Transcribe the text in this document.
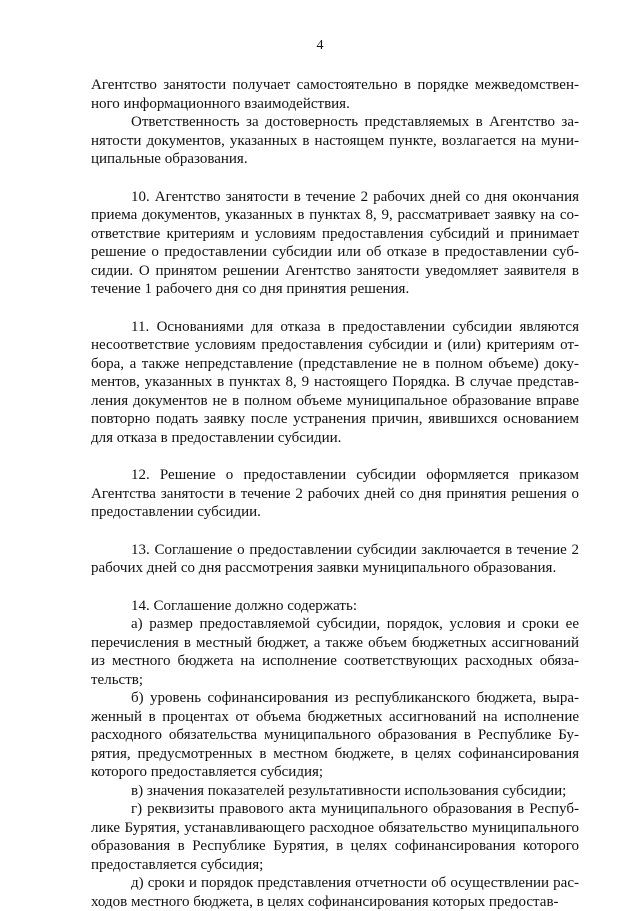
4

Агентство занятости получает самостоятельно в порядке межведомственного информационного взаимодействия.

Ответственность за достоверность представляемых в Агентство занятости документов, указанных в настоящем пункте, возлагается на муниципальные образования.

10. Агентство занятости в течение 2 рабочих дней со дня окончания приема документов, указанных в пунктах 8, 9, рассматривает заявку на соответствие критериям и условиям предоставления субсидий и принимает решение о предоставлении субсидии или об отказе в предоставлении субсидии. О принятом решении Агентство занятости уведомляет заявителя в течение 1 рабочего дня со дня принятия решения.

11. Основаниями для отказа в предоставлении субсидии являются несоответствие условиям предоставления субсидии и (или) критериям отбора, а также непредставление (представление не в полном объеме) документов, указанных в пунктах 8, 9 настоящего Порядка. В случае представления документов не в полном объеме муниципальное образование вправе повторно подать заявку после устранения причин, явившихся основанием для отказа в предоставлении субсидии.

12. Решение о предоставлении субсидии оформляется приказом Агентства занятости в течение 2 рабочих дней со дня принятия решения о предоставлении субсидии.

13. Соглашение о предоставлении субсидии заключается в течение 2 рабочих дней со дня рассмотрения заявки муниципального образования.

14. Соглашение должно содержать:

а) размер предоставляемой субсидии, порядок, условия и сроки ее перечисления в местный бюджет, а также объем бюджетных ассигнований из местного бюджета на исполнение соответствующих расходных обязательств;

б) уровень софинансирования из республиканского бюджета, выраженный в процентах от объема бюджетных ассигнований на исполнение расходного обязательства муниципального образования в Республике Бурятия, предусмотренных в местном бюджете, в целях софинансирования которого предоставляется субсидия;

в) значения показателей результативности использования субсидии;

г) реквизиты правового акта муниципального образования в Республике Бурятия, устанавливающего расходное обязательство муниципального образования в Республике Бурятия, в целях софинансирования которого предоставляется субсидия;

д) сроки и порядок представления отчетности об осуществлении расходов местного бюджета, в целях софинансирования которых предостав-
